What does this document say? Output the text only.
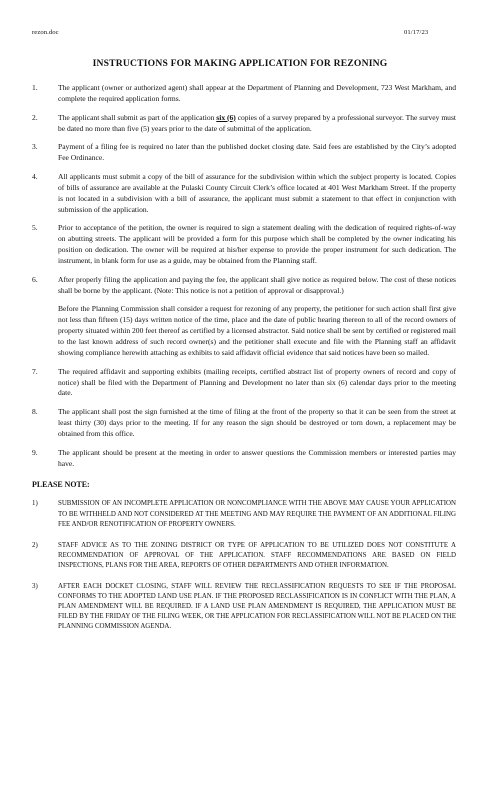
rezon.doc	01/17/23
INSTRUCTIONS FOR MAKING APPLICATION FOR REZONING
1.	The applicant (owner or authorized agent) shall appear at the Department of Planning and Development, 723 West Markham, and complete the required application forms.
2.	The applicant shall submit as part of the application six (6) copies of a survey prepared by a professional surveyor. The survey must be dated no more than five (5) years prior to the date of submittal of the application.
3.	Payment of a filing fee is required no later than the published docket closing date. Said fees are established by the City’s adopted Fee Ordinance.
4.	All applicants must submit a copy of the bill of assurance for the subdivision within which the subject property is located. Copies of bills of assurance are available at the Pulaski County Circuit Clerk’s office located at 401 West Markham Street. If the property is not located in a subdivision with a bill of assurance, the applicant must submit a statement to that effect in conjunction with submission of the application.
5.	Prior to acceptance of the petition, the owner is required to sign a statement dealing with the dedication of required rights-of-way on abutting streets. The applicant will be provided a form for this purpose which shall be completed by the owner indicating his position on dedication. The owner will be required at his/her expense to provide the proper instrument for such dedication. The instrument, in blank form for use as a guide, may be obtained from the Planning staff.
6.	After properly filing the application and paying the fee, the applicant shall give notice as required below. The cost of these notices shall be borne by the applicant. (Note: This notice is not a petition of approval or disapproval.)
Before the Planning Commission shall consider a request for rezoning of any property, the petitioner for such action shall first give not less than fifteen (15) days written notice of the time, place and the date of public hearing thereon to all of the record owners of property situated within 200 feet thereof as certified by a licensed abstractor. Said notice shall be sent by certified or registered mail to the last known address of such record owner(s) and the petitioner shall execute and file with the Planning staff an affidavit showing compliance herewith attaching as exhibits to said affidavit official evidence that said notices have been so mailed.
7.	The required affidavit and supporting exhibits (mailing receipts, certified abstract list of property owners of record and copy of notice) shall be filed with the Department of Planning and Development no later than six (6) calendar days prior to the meeting date.
8.	The applicant shall post the sign furnished at the time of filing at the front of the property so that it can be seen from the street at least thirty (30) days prior to the meeting. If for any reason the sign should be destroyed or torn down, a replacement may be obtained from this office.
9.	The applicant should be present at the meeting in order to answer questions the Commission members or interested parties may have.
PLEASE NOTE:
1)	SUBMISSION OF AN INCOMPLETE APPLICATION OR NONCOMPLIANCE WITH THE ABOVE MAY CAUSE YOUR APPLICATION TO BE WITHHELD AND NOT CONSIDERED AT THE MEETING AND MAY REQUIRE THE PAYMENT OF AN ADDITIONAL FILING FEE AND/OR RENOTIFICATION OF PROPERTY OWNERS.
2)	STAFF ADVICE AS TO THE ZONING DISTRICT OR TYPE OF APPLICATION TO BE UTILIZED DOES NOT CONSTITUTE A RECOMMENDATION OF APPROVAL OF THE APPLICATION. STAFF RECOMMENDATIONS ARE BASED ON FIELD INSPECTIONS, PLANS FOR THE AREA, REPORTS OF OTHER DEPARTMENTS AND OTHER INFORMATION.
3)	AFTER EACH DOCKET CLOSING, STAFF WILL REVIEW THE RECLASSIFICATION REQUESTS TO SEE IF THE PROPOSAL CONFORMS TO THE ADOPTED LAND USE PLAN. IF THE PROPOSED RECLASSIFICATION IS IN CONFLICT WITH THE PLAN, A PLAN AMENDMENT WILL BE REQUIRED. IF A LAND USE PLAN AMENDMENT IS REQUIRED, THE APPLICATION MUST BE FILED BY THE FRIDAY OF THE FILING WEEK, OR THE APPLICATION FOR RECLASSIFICATION WILL NOT BE PLACED ON THE PLANNING COMMISSION AGENDA.
